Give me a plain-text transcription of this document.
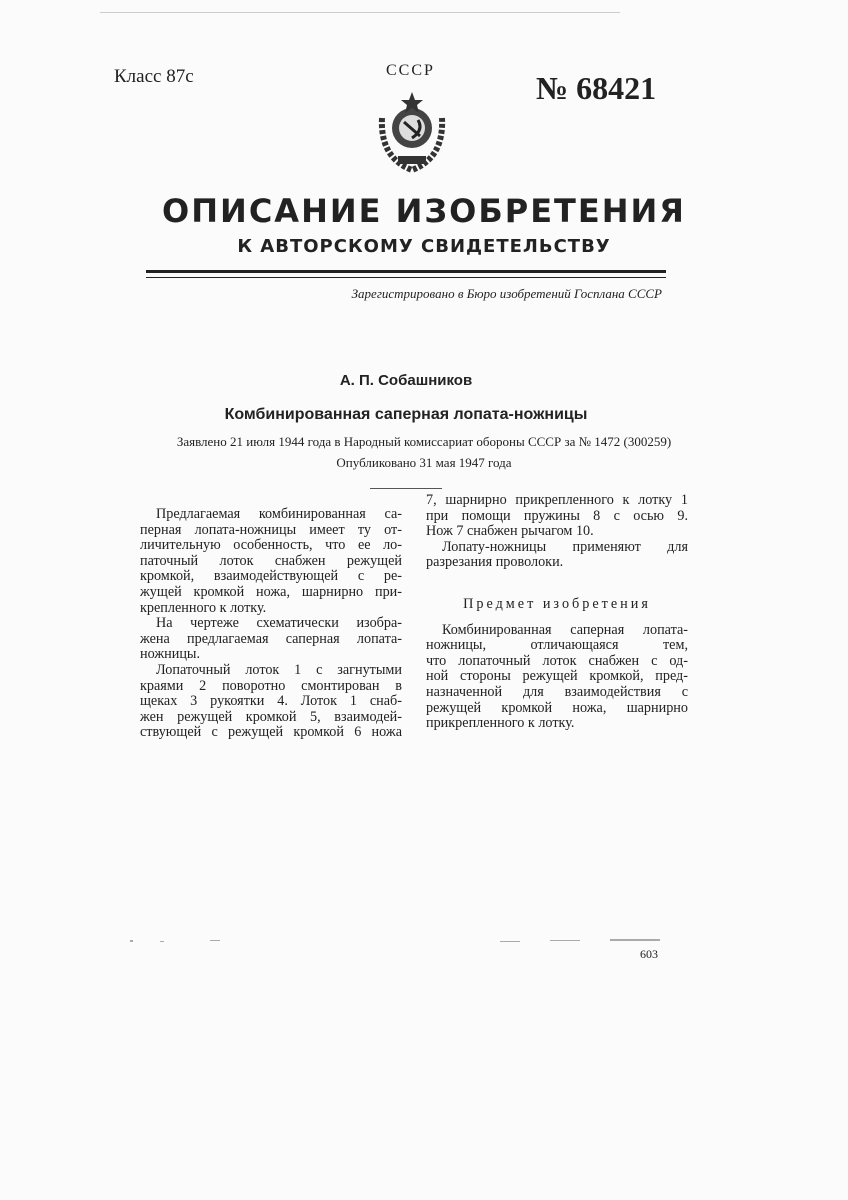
Класс 87с	СССР	№ 68421
ОПИСАНИЕ ИЗОБРЕТЕНИЯ
К АВТОРСКОМУ СВИДЕТЕЛЬСТВУ
Зарегистрировано в Бюро изобретений Госплана СССР
А. П. Собашников
Комбинированная саперная лопата-ножницы
Заявлено 21 июля 1944 года в Народный комиссариат обороны СССР за № 1472 (300259)
Опубликовано 31 мая 1947 года
Предлагаемая комбинированная са-
перная лопата-ножницы имеет ту от-
личительную особенность, что ее ло-
паточный лоток снабжен режущей
кромкой, взаимодействующей с ре-
жущей кромкой ножа, шарнирно при-
крепленного к лотку.
На чертеже схематически изобра-
жена предлагаемая саперная лопата-
ножницы.
Лопаточный лоток 1 с загнутыми
краями 2 поворотно смонтирован в
щеках 3 рукоятки 4. Лоток 1 снаб-
жен режущей кромкой 5, взаимодей-
ствующей с режущей кромкой 6 ножа
7, шарнирно прикрепленного к лотку 1
при помощи пружины 8 с осью 9.
Нож 7 снабжен рычагом 10.
Лопату-ножницы применяют для
разрезания проволоки.
Предмет изобретения
Комбинированная саперная лопата-
ножницы, отличающаяся тем,
что лопаточный лоток снабжен с од-
ной стороны режущей кромкой, пред-
назначенной для взаимодействия с
режущей кромкой ножа, шарнирно
прикрепленного к лотку.
603
